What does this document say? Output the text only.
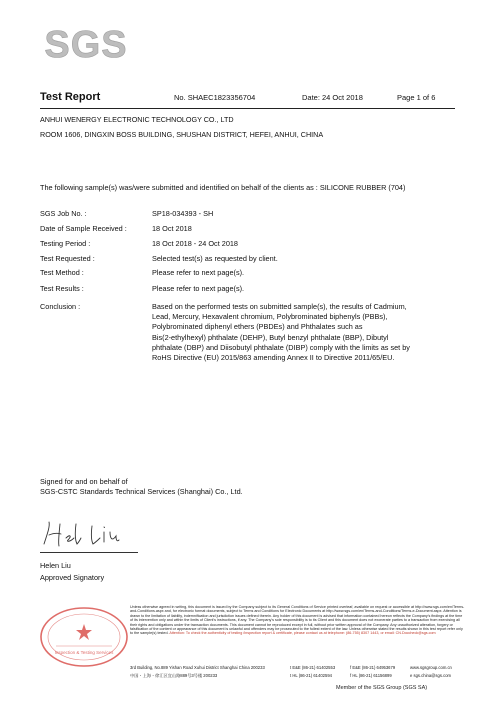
SGS
Test Report	No. SHAEC1823356704	Date: 24 Oct 2018	Page 1 of 6
ANHUI WENERGY ELECTRONIC TECHNOLOGY CO., LTD
ROOM 1606, DINGXIN BOSS BUILDING, SHUSHAN DISTRICT, HEFEI, ANHUI, CHINA
The following sample(s) was/were submitted and identified on behalf of the clients as : SILICONE RUBBER (704)
SGS Job No. :	SP18-034393 - SH
Date of Sample Received :	18 Oct 2018
Testing Period :	18 Oct 2018 - 24 Oct 2018
Test Requested :	Selected test(s) as requested by client.
Test Method :	Please refer to next page(s).
Test Results :	Please refer to next page(s).
Conclusion :	Based on the performed tests on submitted sample(s), the results of Cadmium,
Lead, Mercury, Hexavalent chromium, Polybrominated biphenyls (PBBs),
Polybrominated diphenyl ethers (PBDEs) and Phthalates such as
Bis(2-ethylhexyl) phthalate (DEHP), Butyl benzyl phthalate (BBP), Dibutyl
phthalate (DBP) and Diisobutyl phthalate (DIBP) comply with the limits as set by
RoHS Directive (EU) 2015/863 amending Annex II to Directive 2011/65/EU.
Signed for and on behalf of
SGS-CSTC Standards Technical Services (Shanghai) Co., Ltd.
Helen Liu
Approved Signatory
Inspection & Testing Services
Unless otherwise agreed in writing, this document is issued by the Company subject to its General Conditions of Service printed overleaf, available on request or accessible at http://www.sgs.com/en/Terms-and-Conditions.aspx and, for electronic format documents, subject to Terms and Conditions for Electronic Documents at http://www.sgs.com/en/Terms-and-Conditions/Terms-e-Document.aspx. Attention is drawn to the limitation of liability, indemnification and jurisdiction issues defined therein. Any holder of this document is advised that information contained hereon reflects the Company's findings at the time of its intervention only and within the limits of Client's instructions, if any. The Company's sole responsibility is to its Client and this document does not exonerate parties to a transaction from exercising all their rights and obligations under the transaction documents. This document cannot be reproduced except in full, without prior written approval of the Company. Any unauthorized alteration, forgery or falsification of the content or appearance of this document is unlawful and offenders may be prosecuted to the fullest extent of the law. Unless otherwise stated the results shown in this test report refer only to the sample(s) tested. Attention: To check the authenticity of testing /inspection report & certificate, please contact us at telephone: (86-755) 8307 1443, or email: CN.Doccheck@sgs.com
3rd Building, No.889 Yishan Road Xuhui District Shanghai China 200233	t E&E (86-21) 61402553	f E&E (86-21) 64953679	www.sgsgroup.com.cn
中国・上海・徐汇区宜山路889号3号楼 200233	t HL (86-21) 61402594	f HL (86-21) 61156899	e sgs.china@sgs.com
Member of the SGS Group (SGS SA)
